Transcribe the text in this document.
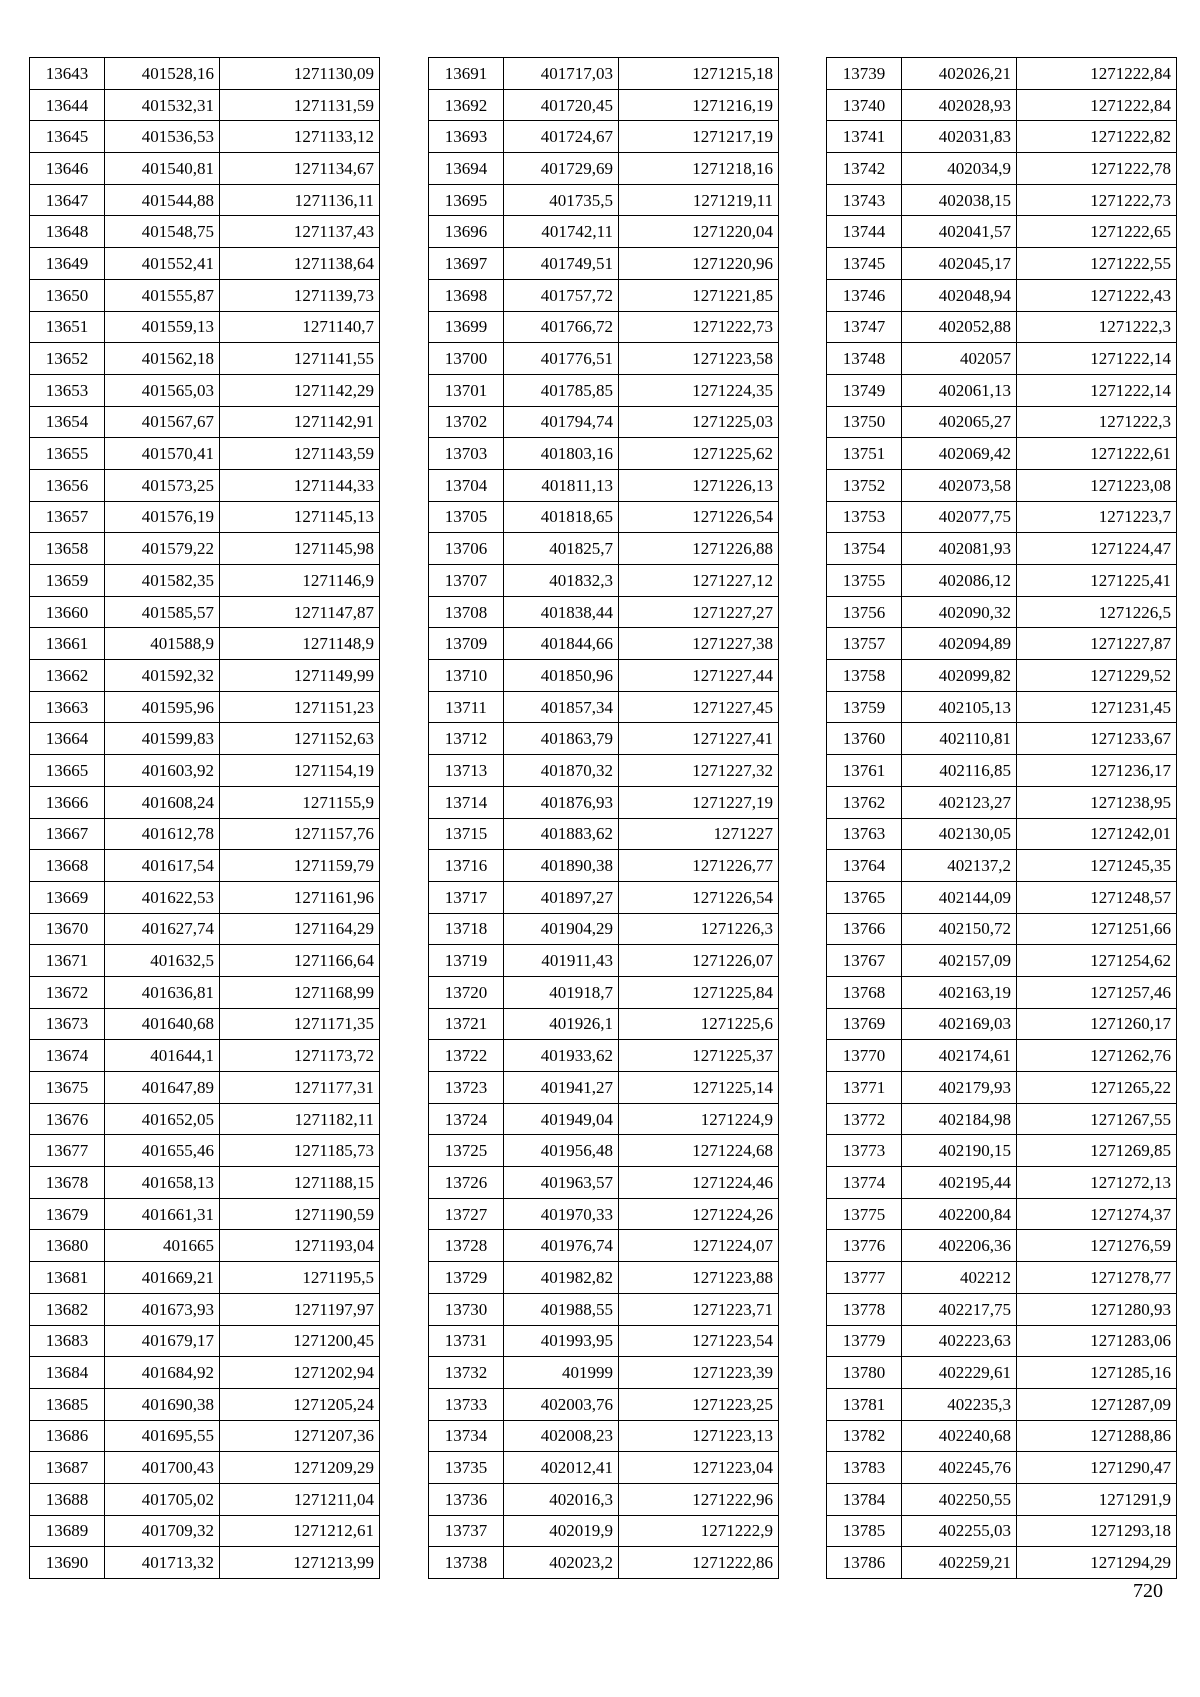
13643	401528,16	1271130,09
13644	401532,31	1271131,59
13645	401536,53	1271133,12
13646	401540,81	1271134,67
13647	401544,88	1271136,11
13648	401548,75	1271137,43
13649	401552,41	1271138,64
13650	401555,87	1271139,73
13651	401559,13	1271140,7
13652	401562,18	1271141,55
13653	401565,03	1271142,29
13654	401567,67	1271142,91
13655	401570,41	1271143,59
13656	401573,25	1271144,33
13657	401576,19	1271145,13
13658	401579,22	1271145,98
13659	401582,35	1271146,9
13660	401585,57	1271147,87
13661	401588,9	1271148,9
13662	401592,32	1271149,99
13663	401595,96	1271151,23
13664	401599,83	1271152,63
13665	401603,92	1271154,19
13666	401608,24	1271155,9
13667	401612,78	1271157,76
13668	401617,54	1271159,79
13669	401622,53	1271161,96
13670	401627,74	1271164,29
13671	401632,5	1271166,64
13672	401636,81	1271168,99
13673	401640,68	1271171,35
13674	401644,1	1271173,72
13675	401647,89	1271177,31
13676	401652,05	1271182,11
13677	401655,46	1271185,73
13678	401658,13	1271188,15
13679	401661,31	1271190,59
13680	401665	1271193,04
13681	401669,21	1271195,5
13682	401673,93	1271197,97
13683	401679,17	1271200,45
13684	401684,92	1271202,94
13685	401690,38	1271205,24
13686	401695,55	1271207,36
13687	401700,43	1271209,29
13688	401705,02	1271211,04
13689	401709,32	1271212,61
13690	401713,32	1271213,99
13691	401717,03	1271215,18
13692	401720,45	1271216,19
13693	401724,67	1271217,19
13694	401729,69	1271218,16
13695	401735,5	1271219,11
13696	401742,11	1271220,04
13697	401749,51	1271220,96
13698	401757,72	1271221,85
13699	401766,72	1271222,73
13700	401776,51	1271223,58
13701	401785,85	1271224,35
13702	401794,74	1271225,03
13703	401803,16	1271225,62
13704	401811,13	1271226,13
13705	401818,65	1271226,54
13706	401825,7	1271226,88
13707	401832,3	1271227,12
13708	401838,44	1271227,27
13709	401844,66	1271227,38
13710	401850,96	1271227,44
13711	401857,34	1271227,45
13712	401863,79	1271227,41
13713	401870,32	1271227,32
13714	401876,93	1271227,19
13715	401883,62	1271227
13716	401890,38	1271226,77
13717	401897,27	1271226,54
13718	401904,29	1271226,3
13719	401911,43	1271226,07
13720	401918,7	1271225,84
13721	401926,1	1271225,6
13722	401933,62	1271225,37
13723	401941,27	1271225,14
13724	401949,04	1271224,9
13725	401956,48	1271224,68
13726	401963,57	1271224,46
13727	401970,33	1271224,26
13728	401976,74	1271224,07
13729	401982,82	1271223,88
13730	401988,55	1271223,71
13731	401993,95	1271223,54
13732	401999	1271223,39
13733	402003,76	1271223,25
13734	402008,23	1271223,13
13735	402012,41	1271223,04
13736	402016,3	1271222,96
13737	402019,9	1271222,9
13738	402023,2	1271222,86
13739	402026,21	1271222,84
13740	402028,93	1271222,84
13741	402031,83	1271222,82
13742	402034,9	1271222,78
13743	402038,15	1271222,73
13744	402041,57	1271222,65
13745	402045,17	1271222,55
13746	402048,94	1271222,43
13747	402052,88	1271222,3
13748	402057	1271222,14
13749	402061,13	1271222,14
13750	402065,27	1271222,3
13751	402069,42	1271222,61
13752	402073,58	1271223,08
13753	402077,75	1271223,7
13754	402081,93	1271224,47
13755	402086,12	1271225,41
13756	402090,32	1271226,5
13757	402094,89	1271227,87
13758	402099,82	1271229,52
13759	402105,13	1271231,45
13760	402110,81	1271233,67
13761	402116,85	1271236,17
13762	402123,27	1271238,95
13763	402130,05	1271242,01
13764	402137,2	1271245,35
13765	402144,09	1271248,57
13766	402150,72	1271251,66
13767	402157,09	1271254,62
13768	402163,19	1271257,46
13769	402169,03	1271260,17
13770	402174,61	1271262,76
13771	402179,93	1271265,22
13772	402184,98	1271267,55
13773	402190,15	1271269,85
13774	402195,44	1271272,13
13775	402200,84	1271274,37
13776	402206,36	1271276,59
13777	402212	1271278,77
13778	402217,75	1271280,93
13779	402223,63	1271283,06
13780	402229,61	1271285,16
13781	402235,3	1271287,09
13782	402240,68	1271288,86
13783	402245,76	1271290,47
13784	402250,55	1271291,9
13785	402255,03	1271293,18
13786	402259,21	1271294,29
720
